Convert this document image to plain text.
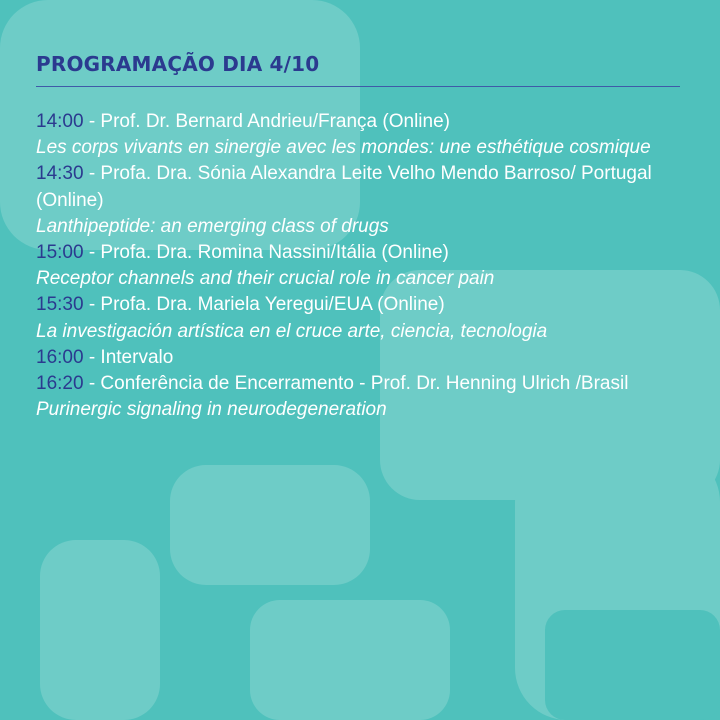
PROGRAMAÇÃO DIA 4/10
14:00 - Prof. Dr. Bernard Andrieu/França (Online)
Les corps vivants en sinergie avec les mondes: une esthétique cosmique
14:30 - Profa. Dra. Sónia Alexandra Leite Velho Mendo Barroso/ Portugal (Online)
Lanthipeptide: an emerging class of drugs
15:00 - Profa. Dra. Romina Nassini/Itália (Online)
Receptor channels and their crucial role in cancer pain
15:30 - Profa. Dra. Mariela Yeregui/EUA (Online)
La investigación artística en el cruce arte, ciencia, tecnologia
16:00 - Intervalo
16:20 - Conferência de Encerramento - Prof. Dr. Henning Ulrich /Brasil
Purinergic signaling in neurodegeneration
